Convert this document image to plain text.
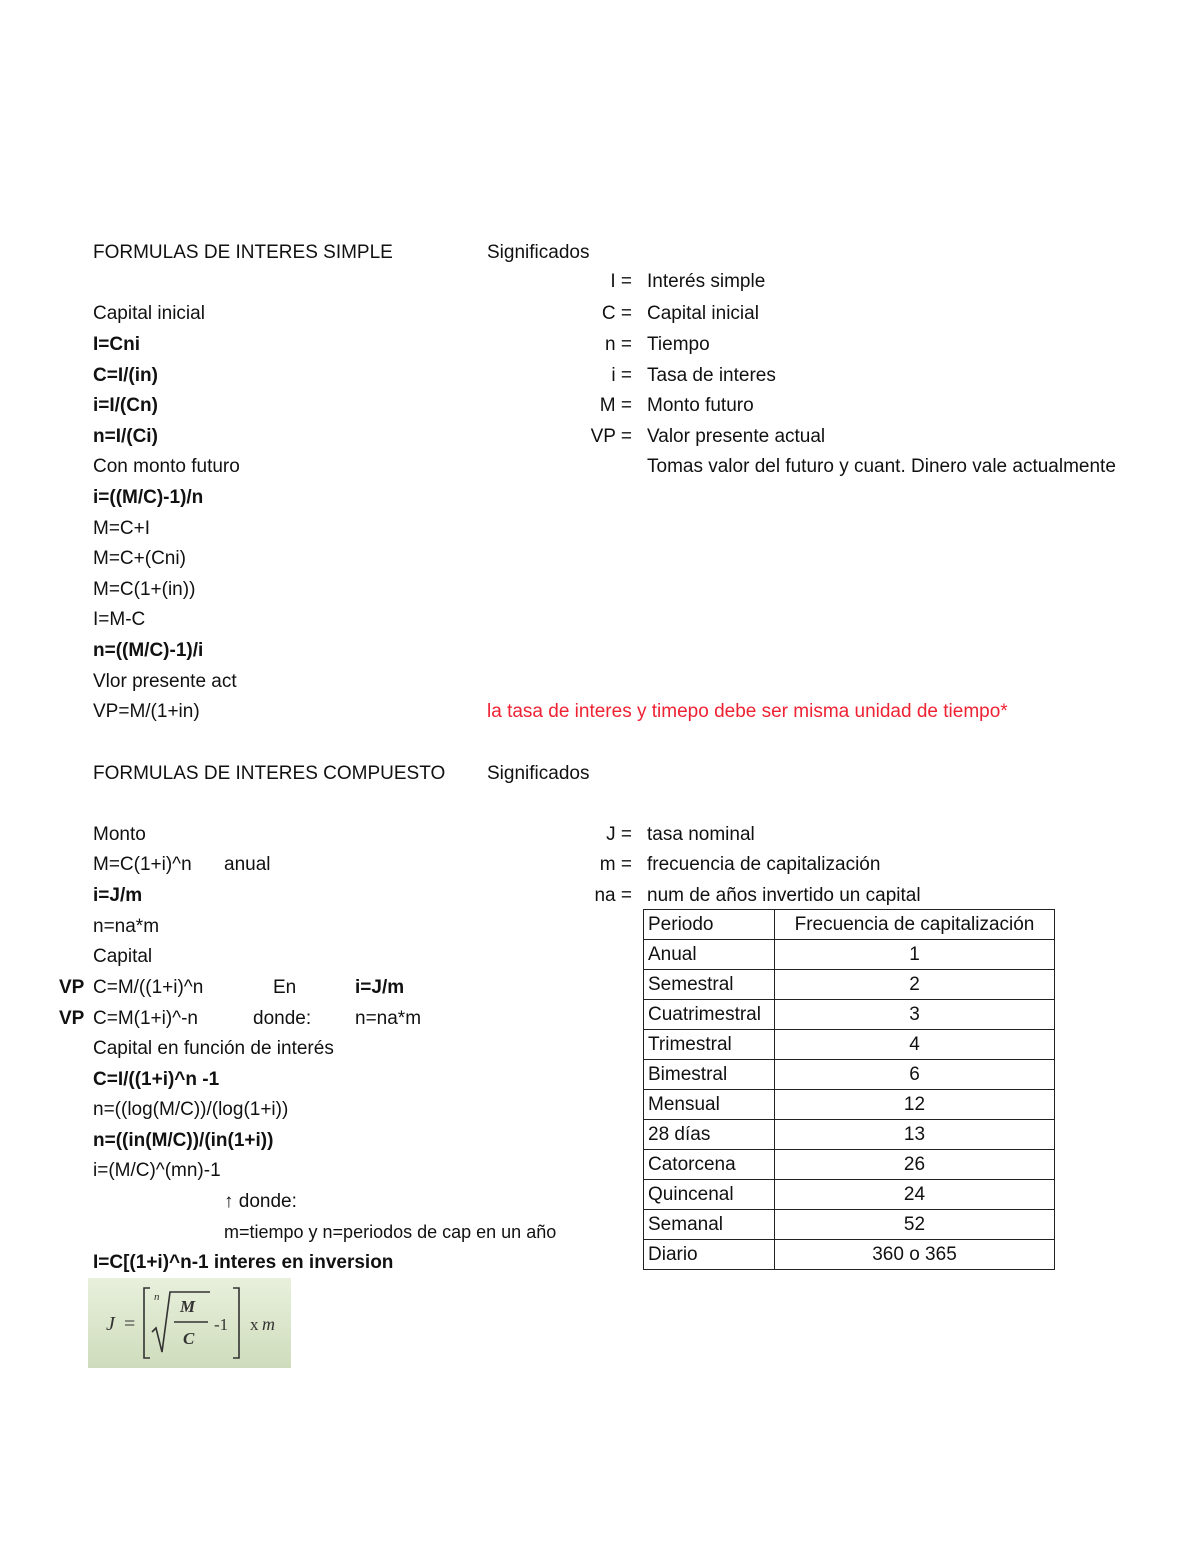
FORMULAS DE INTERES SIMPLE	Significados
Capital inicial
I=Cni
C=I/(in)
i=I/(Cn)
n=I/(Ci)
Con monto futuro
i=((M/C)-1)/n
M=C+I
M=C+(Cni)
M=C(1+(in))
I=M-C
n=((M/C)-1)/i
Vlor presente act
VP=M/(1+in)
I = Interés simple
C = Capital inicial
n = Tiempo
i = Tasa de interes
M = Monto futuro
VP = Valor presente actual
Tomas valor del futuro y cuant. Dinero vale actualmente
la tasa de interes y timepo debe ser misma unidad de tiempo*
FORMULAS DE INTERES COMPUESTO Significados
Monto
M=C(1+i)^n anual
i=J/m
n=na*m
Capital
VP C=M/((1+i)^n	En	i=J/m
VP C=M(1+i)^-n	donde: n=na*m
Capital en función de interés
C=I/((1+i)^n -1
n=((log(M/C))/(log(1+i))
n=((in(M/C))/(in(1+i))
i=(M/C)^(mn)-1
↑ donde:
m=tiempo y n=periodos de cap en un año
I=C[(1+i)^n-1 interes en inversion
J = tasa nominal
m = frecuencia de capitalización
na = num de años invertido un capital
Periodo	Frecuencia de capitalización
Anual	1
Semestral	2
Cuatrimestral	3
Trimestral	4
Bimestral	6
Mensual	12
28 días	13
Catorcena	26
Quincenal	24
Semanal	52
Diario	360 o 365
J =
n M
C
-1 x m
